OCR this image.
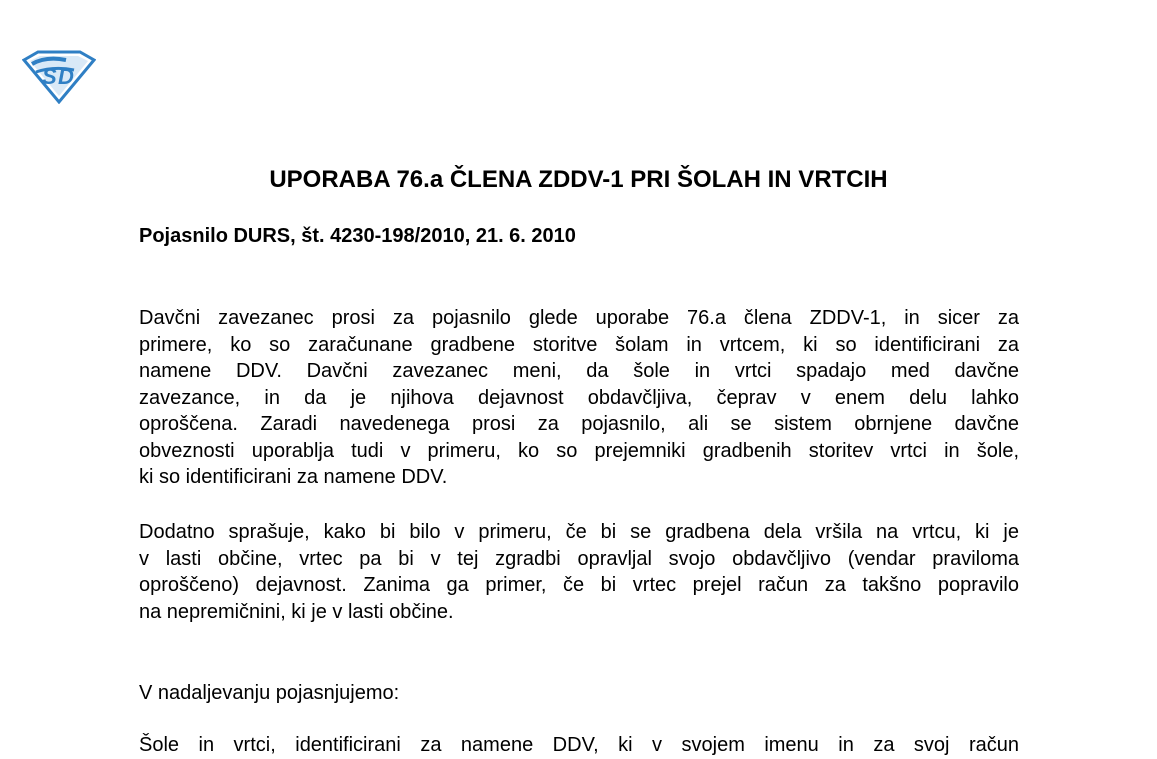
S D
UPORABA 76.a ČLENA ZDDV-1 PRI ŠOLAH IN VRTCIH
Pojasnilo DURS, št. 4230-198/2010, 21. 6. 2010
Davčni zavezanec prosi za pojasnilo glede uporabe 76.a člena ZDDV-1, in sicer za
primere, ko so zaračunane gradbene storitve šolam in vrtcem, ki so identificirani za
namene DDV. Davčni zavezanec meni, da šole in vrtci spadajo med davčne
zavezance, in da je njihova dejavnost obdavčljiva, čeprav v enem delu lahko
oproščena. Zaradi navedenega prosi za pojasnilo, ali se sistem obrnjene davčne
obveznosti uporablja tudi v primeru, ko so prejemniki gradbenih storitev vrtci in šole,
ki so identificirani za namene DDV.
Dodatno sprašuje, kako bi bilo v primeru, če bi se gradbena dela vršila na vrtcu, ki je
v lasti občine, vrtec pa bi v tej zgradbi opravljal svojo obdavčljivo (vendar praviloma
oproščeno) dejavnost. Zanima ga primer, če bi vrtec prejel račun za takšno popravilo
na nepremičnini, ki je v lasti občine.
V nadaljevanju pojasnjujemo:
Šole in vrtci, identificirani za namene DDV, ki v svojem imenu in za svoj račun
